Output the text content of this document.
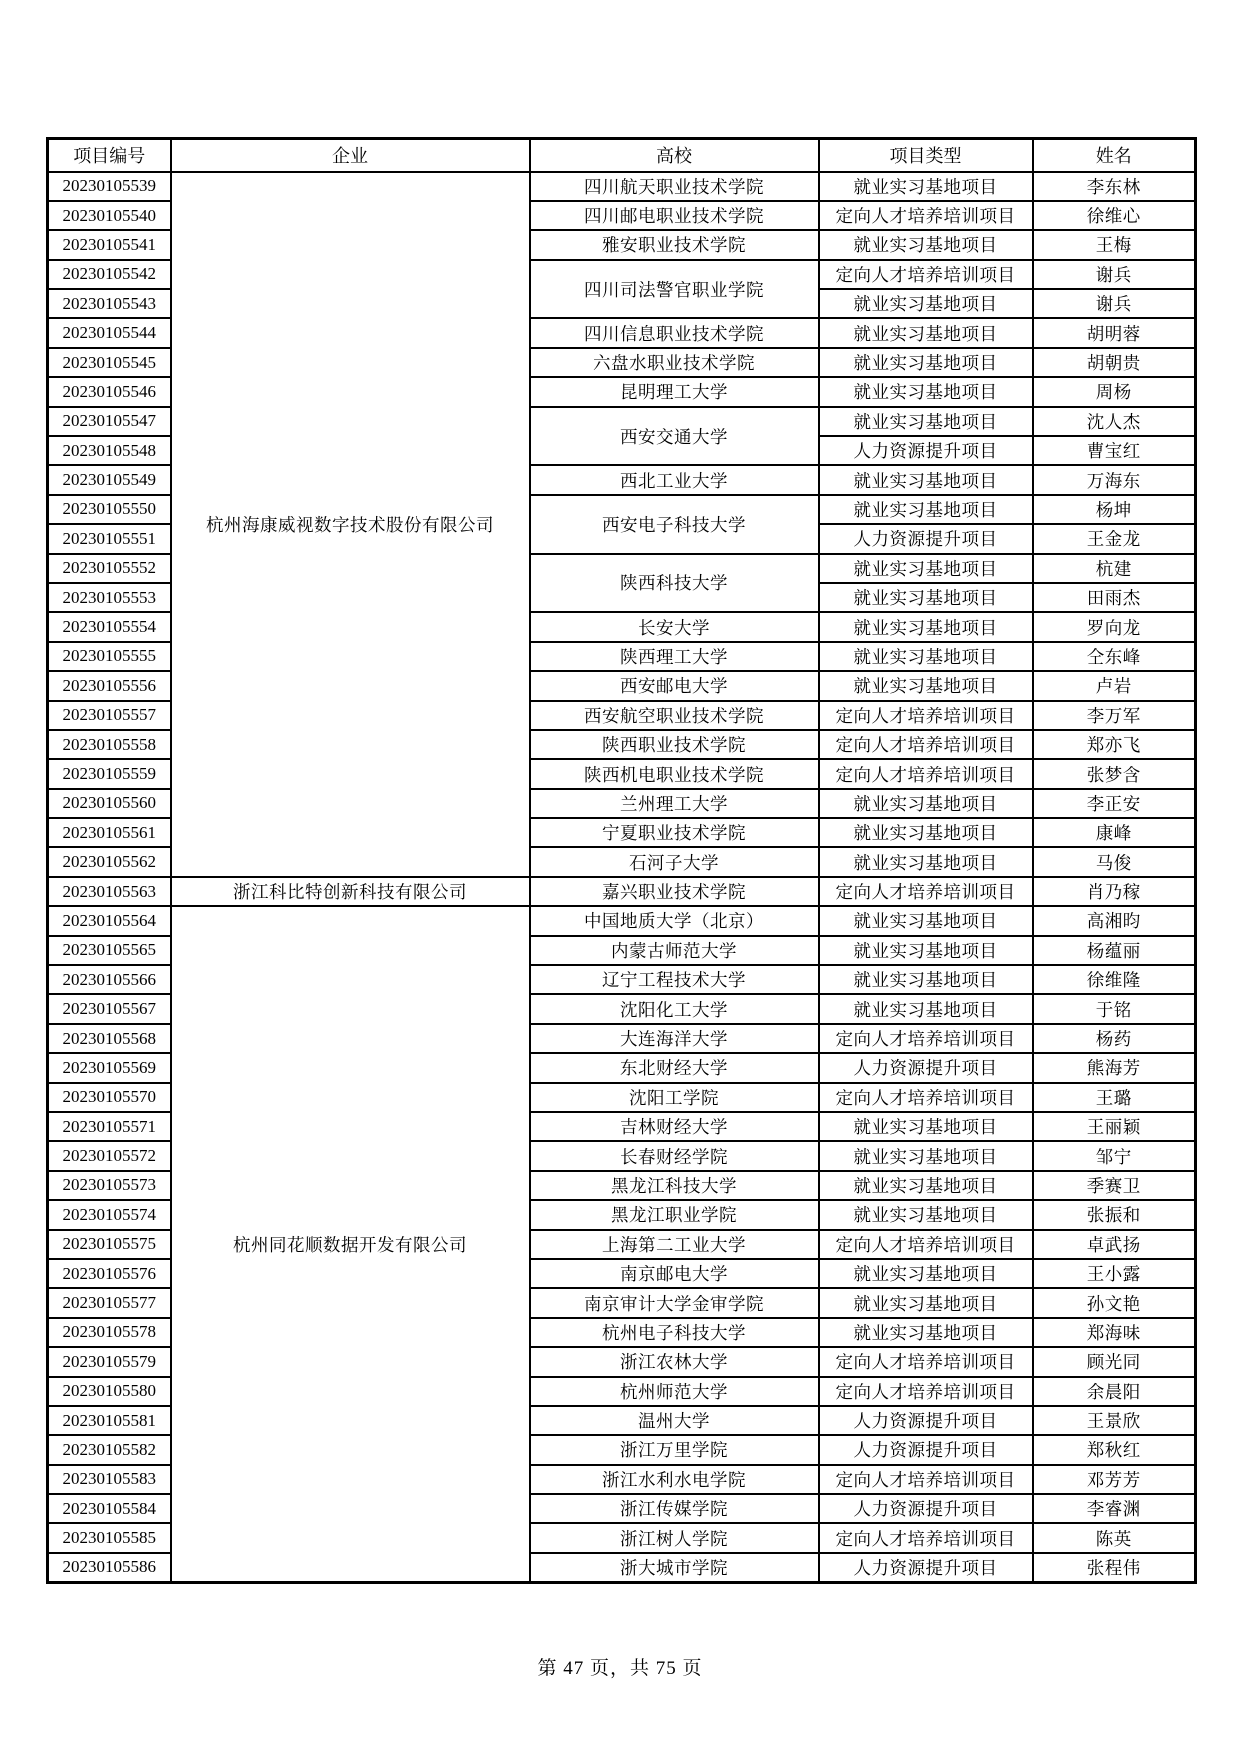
项目编号	企业	高校	项目类型	姓名
20230105539	杭州海康威视数字技术股份有限公司	四川航天职业技术学院	就业实习基地项目	李东林
20230105540		四川邮电职业技术学院	定向人才培养培训项目	徐维心
20230105541		雅安职业技术学院	就业实习基地项目	王梅
20230105542		四川司法警官职业学院	定向人才培养培训项目	谢兵
20230105543			就业实习基地项目	谢兵
20230105544		四川信息职业技术学院	就业实习基地项目	胡明蓉
20230105545		六盘水职业技术学院	就业实习基地项目	胡朝贵
20230105546		昆明理工大学	就业实习基地项目	周杨
20230105547		西安交通大学	就业实习基地项目	沈人杰
20230105548			人力资源提升项目	曹宝红
20230105549		西北工业大学	就业实习基地项目	万海东
20230105550		西安电子科技大学	就业实习基地项目	杨坤
20230105551			人力资源提升项目	王金龙
20230105552		陕西科技大学	就业实习基地项目	杭建
20230105553			就业实习基地项目	田雨杰
20230105554		长安大学	就业实习基地项目	罗向龙
20230105555		陕西理工大学	就业实习基地项目	仝东峰
20230105556		西安邮电大学	就业实习基地项目	卢岩
20230105557		西安航空职业技术学院	定向人才培养培训项目	李万军
20230105558		陕西职业技术学院	定向人才培养培训项目	郑亦飞
20230105559		陕西机电职业技术学院	定向人才培养培训项目	张梦含
20230105560		兰州理工大学	就业实习基地项目	李正安
20230105561		宁夏职业技术学院	就业实习基地项目	康峰
20230105562		石河子大学	就业实习基地项目	马俊
20230105563	浙江科比特创新科技有限公司	嘉兴职业技术学院	定向人才培养培训项目	肖乃稼
20230105564	杭州同花顺数据开发有限公司	中国地质大学（北京）	就业实习基地项目	高湘昀
20230105565		内蒙古师范大学	就业实习基地项目	杨蕴丽
20230105566		辽宁工程技术大学	就业实习基地项目	徐维隆
20230105567		沈阳化工大学	就业实习基地项目	于铭
20230105568		大连海洋大学	定向人才培养培训项目	杨药
20230105569		东北财经大学	人力资源提升项目	熊海芳
20230105570		沈阳工学院	定向人才培养培训项目	王璐
20230105571		吉林财经大学	就业实习基地项目	王丽颖
20230105572		长春财经学院	就业实习基地项目	邹宁
20230105573		黑龙江科技大学	就业实习基地项目	季赛卫
20230105574		黑龙江职业学院	就业实习基地项目	张振和
20230105575		上海第二工业大学	定向人才培养培训项目	卓武扬
20230105576		南京邮电大学	就业实习基地项目	王小露
20230105577		南京审计大学金审学院	就业实习基地项目	孙文艳
20230105578		杭州电子科技大学	就业实习基地项目	郑海味
20230105579		浙江农林大学	定向人才培养培训项目	顾光同
20230105580		杭州师范大学	定向人才培养培训项目	余晨阳
20230105581		温州大学	人力资源提升项目	王景欣
20230105582		浙江万里学院	人力资源提升项目	郑秋红
20230105583		浙江水利水电学院	定向人才培养培训项目	邓芳芳
20230105584		浙江传媒学院	人力资源提升项目	李睿渊
20230105585		浙江树人学院	定向人才培养培训项目	陈英
20230105586		浙大城市学院	人力资源提升项目	张程伟
第 47 页，共 75 页
